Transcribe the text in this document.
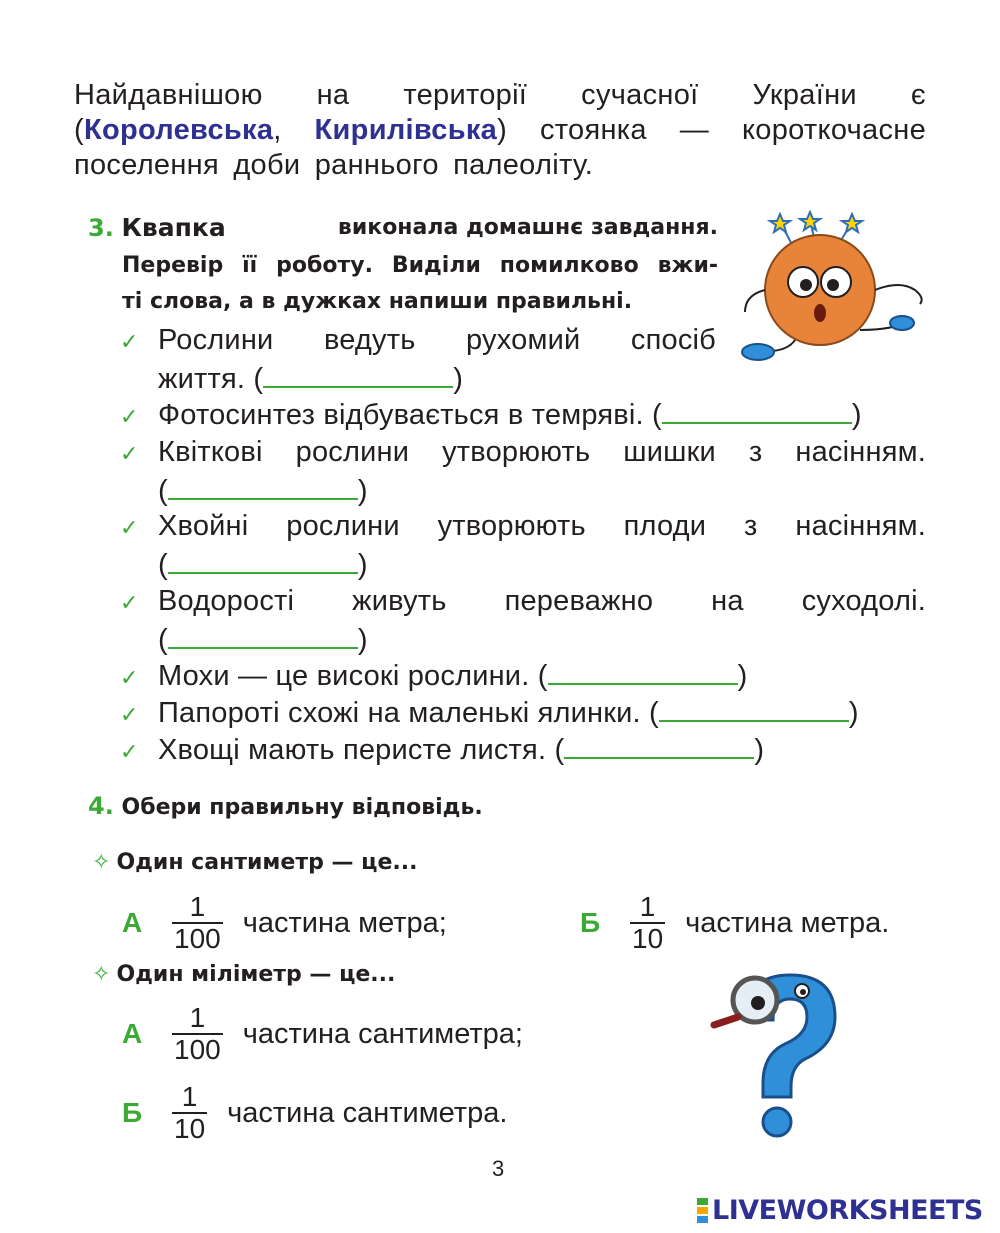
Найдавнішою на території сучасної України є (Королевська, Кирилівська) стоянка — короткочасне поселення доби раннього палеоліту.
3. Квапка	виконала домашнє завдання.
Перевір її роботу. Виділи помилково вжи-
ті слова, а в дужках напиши правильні.
✓ Рослини ведуть рухомий спосіб
життя. (	)
✓ Фотосинтез відбувається в темряві. (	)
✓ Квіткові рослини утворюють шишки з насінням.
(	)
✓ Хвойні рослини утворюють плоди з насінням.
(	)
✓ Водорості живуть переважно на суходолі.
(	)
✓ Мохи — це високі рослини. (	)
✓ Папороті схожі на маленькі ялинки. (	)
✓ Хвощі мають перисте листя. (	)
4. Обери правильну відповідь.
✧ Один сантиметр — це...
А	$\frac{1}{100}$ частина метра;	Б	$\frac{1}{10}$ частина метра.
✧ Один міліметр — це...
А	$\frac{1}{100}$ частина сантиметра;
Б	$\frac{1}{10}$ частина сантиметра.
3
LIVEWORKSHEETS
